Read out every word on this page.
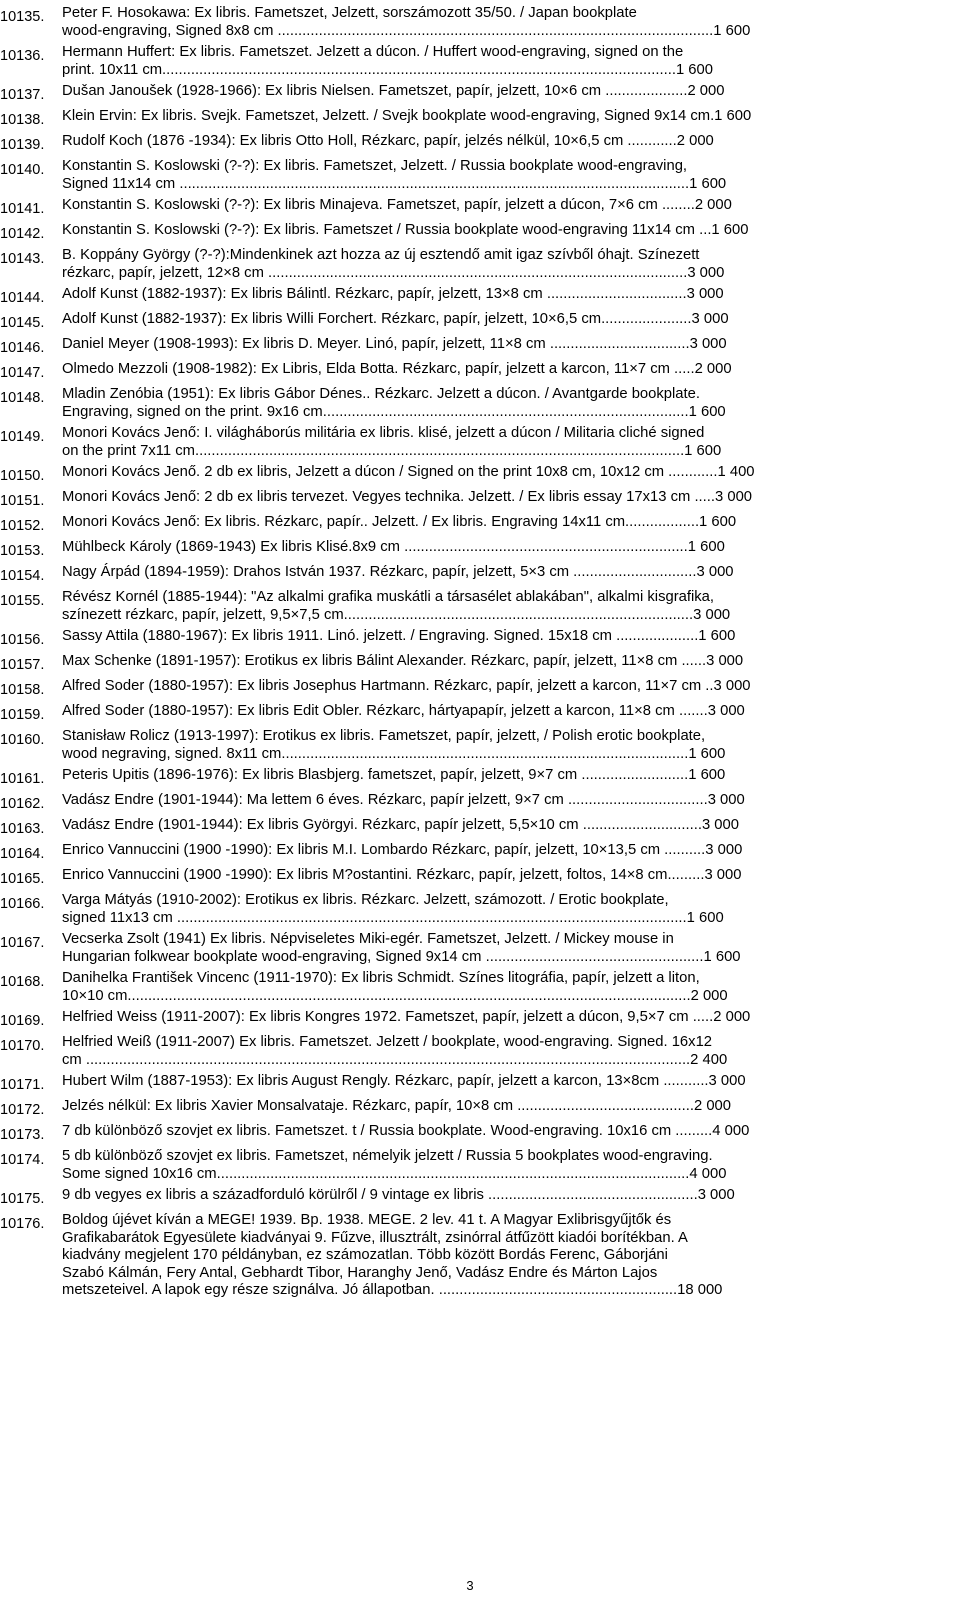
10135.	Peter F. Hosokawa: Ex libris. Fametszet, Jelzett, sorszámozott 35/50. / Japan bookplate
wood-engraving, Signed 8x8 cm ..........................................................................................................1 600
10136.	Hermann Huffert: Ex libris. Fametszet. Jelzett a dúcon. / Huffert wood-engraving, signed on the
print. 10x11 cm.............................................................................................................................1 600
10137.	Dušan Janoušek (1928-1966): Ex libris Nielsen. Fametszet, papír, jelzett, 10×6 cm ....................2 000
10138.	Klein Ervin: Ex libris. Svejk. Fametszet, Jelzett. / Svejk bookplate wood-engraving, Signed 9x14 cm.1 600
10139.	Rudolf Koch (1876 -1934): Ex libris Otto Holl, Rézkarc, papír, jelzés nélkül, 10×6,5 cm ............2 000
10140.	Konstantin S. Koslowski (?-?): Ex libris. Fametszet, Jelzett. / Russia bookplate wood-engraving,
Signed 11x14 cm ............................................................................................................................1 600
10141.	Konstantin S. Koslowski (?-?): Ex libris Minajeva. Fametszet, papír, jelzett a dúcon, 7×6 cm ........2 000
10142.	Konstantin S. Koslowski (?-?): Ex libris. Fametszet / Russia bookplate wood-engraving 11x14 cm ...1 600
10143.	B. Koppány György (?-?):Mindenkinek azt hozza az új esztendő amit igaz szívből óhajt. Színezett
rézkarc, papír, jelzett, 12×8 cm ......................................................................................................3 000
10144.	Adolf Kunst (1882-1937): Ex libris Bálintl. Rézkarc, papír, jelzett, 13×8 cm ..................................3 000
10145.	Adolf Kunst (1882-1937): Ex libris Willi Forchert. Rézkarc, papír, jelzett, 10×6,5 cm......................3 000
10146.	Daniel Meyer (1908-1993): Ex libris D. Meyer. Linó, papír, jelzett, 11×8 cm ..................................3 000
10147.	Olmedo Mezzoli (1908-1982): Ex Libris, Elda Botta. Rézkarc, papír, jelzett a karcon, 11×7 cm .....2 000
10148.	Mladin Zenóbia (1951): Ex libris Gábor Dénes.. Rézkarc. Jelzett a dúcon. / Avantgarde bookplate.
Engraving, signed on the print. 9x16 cm.........................................................................................1 600
10149.	Monori Kovács Jenő: I. világháborús militária ex libris. klisé, jelzett a dúcon / Militaria cliché signed
on the print 7x11 cm.......................................................................................................................1 600
10150.	Monori Kovács Jenő. 2 db ex libris, Jelzett a dúcon / Signed on the print 10x8 cm, 10x12 cm ............1 400
10151.	Monori Kovács Jenő: 2 db ex libris tervezet. Vegyes technika. Jelzett. / Ex libris essay 17x13 cm .....3 000
10152.	Monori Kovács Jenő: Ex libris. Rézkarc, papír.. Jelzett. / Ex libris. Engraving 14x11 cm..................1 600
10153.	Mühlbeck Károly (1869-1943) Ex libris Klisé.8x9 cm .....................................................................1 600
10154.	Nagy Árpád (1894-1959): Drahos István 1937. Rézkarc, papír, jelzett, 5×3 cm ..............................3 000
10155.	Révész Kornél (1885-1944): "Az alkalmi grafika muskátli a társasélet ablakában", alkalmi kisgrafika,
színezett rézkarc, papír, jelzett, 9,5×7,5 cm.....................................................................................3 000
10156.	Sassy Attila (1880-1967): Ex libris 1911. Linó. jelzett. / Engraving. Signed. 15x18 cm ....................1 600
10157.	Max Schenke (1891-1957): Erotikus ex libris Bálint Alexander. Rézkarc, papír, jelzett, 11×8 cm ......3 000
10158.	Alfred Soder (1880-1957): Ex libris Josephus Hartmann. Rézkarc, papír, jelzett a karcon, 11×7 cm ..3 000
10159.	Alfred Soder (1880-1957): Ex libris Edit Obler. Rézkarc, hártyapapír, jelzett a karcon, 11×8 cm .......3 000
10160.	Stanisław Rolicz (1913-1997): Erotikus ex libris. Fametszet, papír, jelzett, / Polish erotic bookplate,
wood negraving, signed. 8x11 cm...................................................................................................1 600
10161.	Peteris Upitis (1896-1976): Ex libris Blasbjerg. fametszet, papír, jelzett, 9×7 cm ..........................1 600
10162.	Vadász Endre (1901-1944): Ma lettem 6 éves. Rézkarc, papír jelzett, 9×7 cm ..................................3 000
10163.	Vadász Endre (1901-1944): Ex libris Györgyi. Rézkarc, papír jelzett, 5,5×10 cm .............................3 000
10164.	Enrico Vannuccini (1900 -1990): Ex libris M.I. Lombardo Rézkarc, papír, jelzett, 10×13,5 cm ..........3 000
10165.	Enrico Vannuccini (1900 -1990): Ex libris M?ostantini. Rézkarc, papír, jelzett, foltos, 14×8 cm.........3 000
10166.	Varga Mátyás (1910-2002): Erotikus ex libris. Rézkarc. Jelzett, számozott. / Erotic bookplate,
signed 11x13 cm ............................................................................................................................1 600
10167.	Vecserka Zsolt (1941) Ex libris. Népviseletes Miki-egér. Fametszet, Jelzett. / Mickey mouse in
Hungarian folkwear bookplate wood-engraving, Signed 9x14 cm .....................................................1 600
10168.	Danihelka František Vincenc (1911-1970): Ex libris Schmidt. Színes litográfia, papír, jelzett a liton,
10×10 cm.........................................................................................................................................2 000
10169.	Helfried Weiss (1911-2007): Ex libris Kongres 1972. Fametszet, papír, jelzett a dúcon, 9,5×7 cm .....2 000
10170.	Helfried Weiß (1911-2007) Ex libris. Fametszet. Jelzett / bookplate, wood-engraving. Signed. 16x12
cm ...................................................................................................................................................2 400
10171.	Hubert Wilm (1887-1953): Ex libris August Rengly. Rézkarc, papír, jelzett a karcon, 13×8cm ...........3 000
10172.	Jelzés nélkül: Ex libris Xavier Monsalvataje. Rézkarc, papír, 10×8 cm ...........................................2 000
10173.	7 db különböző szovjet ex libris. Fametszet. t / Russia bookplate. Wood-engraving. 10x16 cm .........4 000
10174.	5 db különböző szovjet ex libris. Fametszet, némelyik jelzett / Russia 5 bookplates wood-engraving.
Some signed 10x16 cm...................................................................................................................4 000
10175.	9 db vegyes ex libris a századforduló körülről / 9 vintage ex libris ...................................................3 000
10176.	Boldog újévet kíván a MEGE! 1939. Bp. 1938. MEGE. 2 lev. 41 t. A Magyar Exlibrisgyűjtők és
Grafikabarátok Egyesülete kiadványai 9. Fűzve, illusztrált, zsinórral átfűzött kiadói borítékban. A
kiadvány megjelent 170 példányban, ez számozatlan. Több között Bordás Ferenc, Gáborjáni
Szabó Kálmán, Fery Antal, Gebhardt Tibor, Haranghy Jenő, Vadász Endre és Márton Lajos
metszeteivel. A lapok egy része szignálva. Jó állapotban. ..........................................................18 000
3
